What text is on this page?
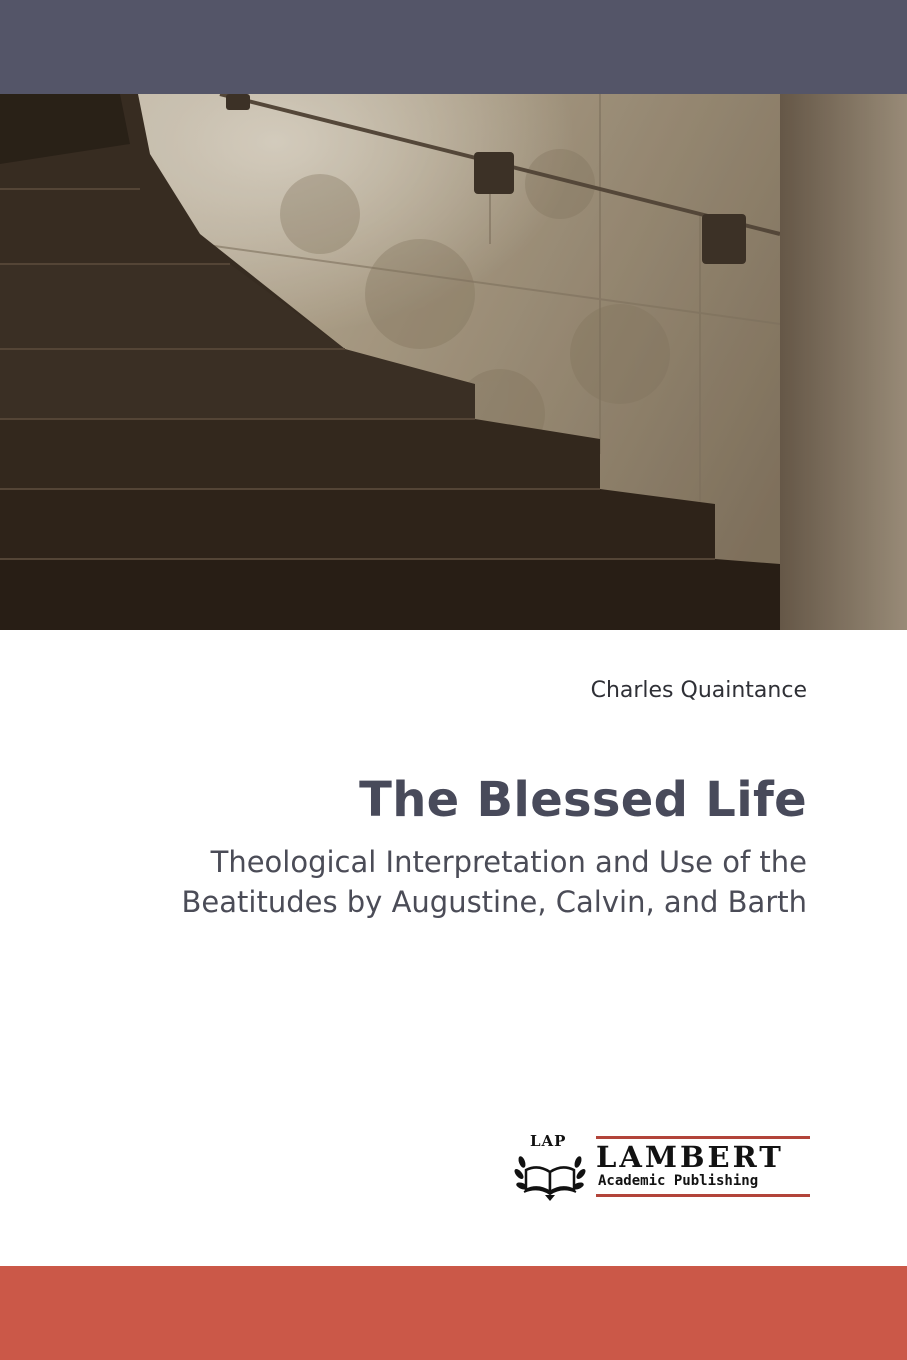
Charles Quaintance
The Blessed Life
Theological Interpretation and Use of the
Beatitudes by Augustine, Calvin, and Barth
LAP LAMBERT
Academic Publishing
